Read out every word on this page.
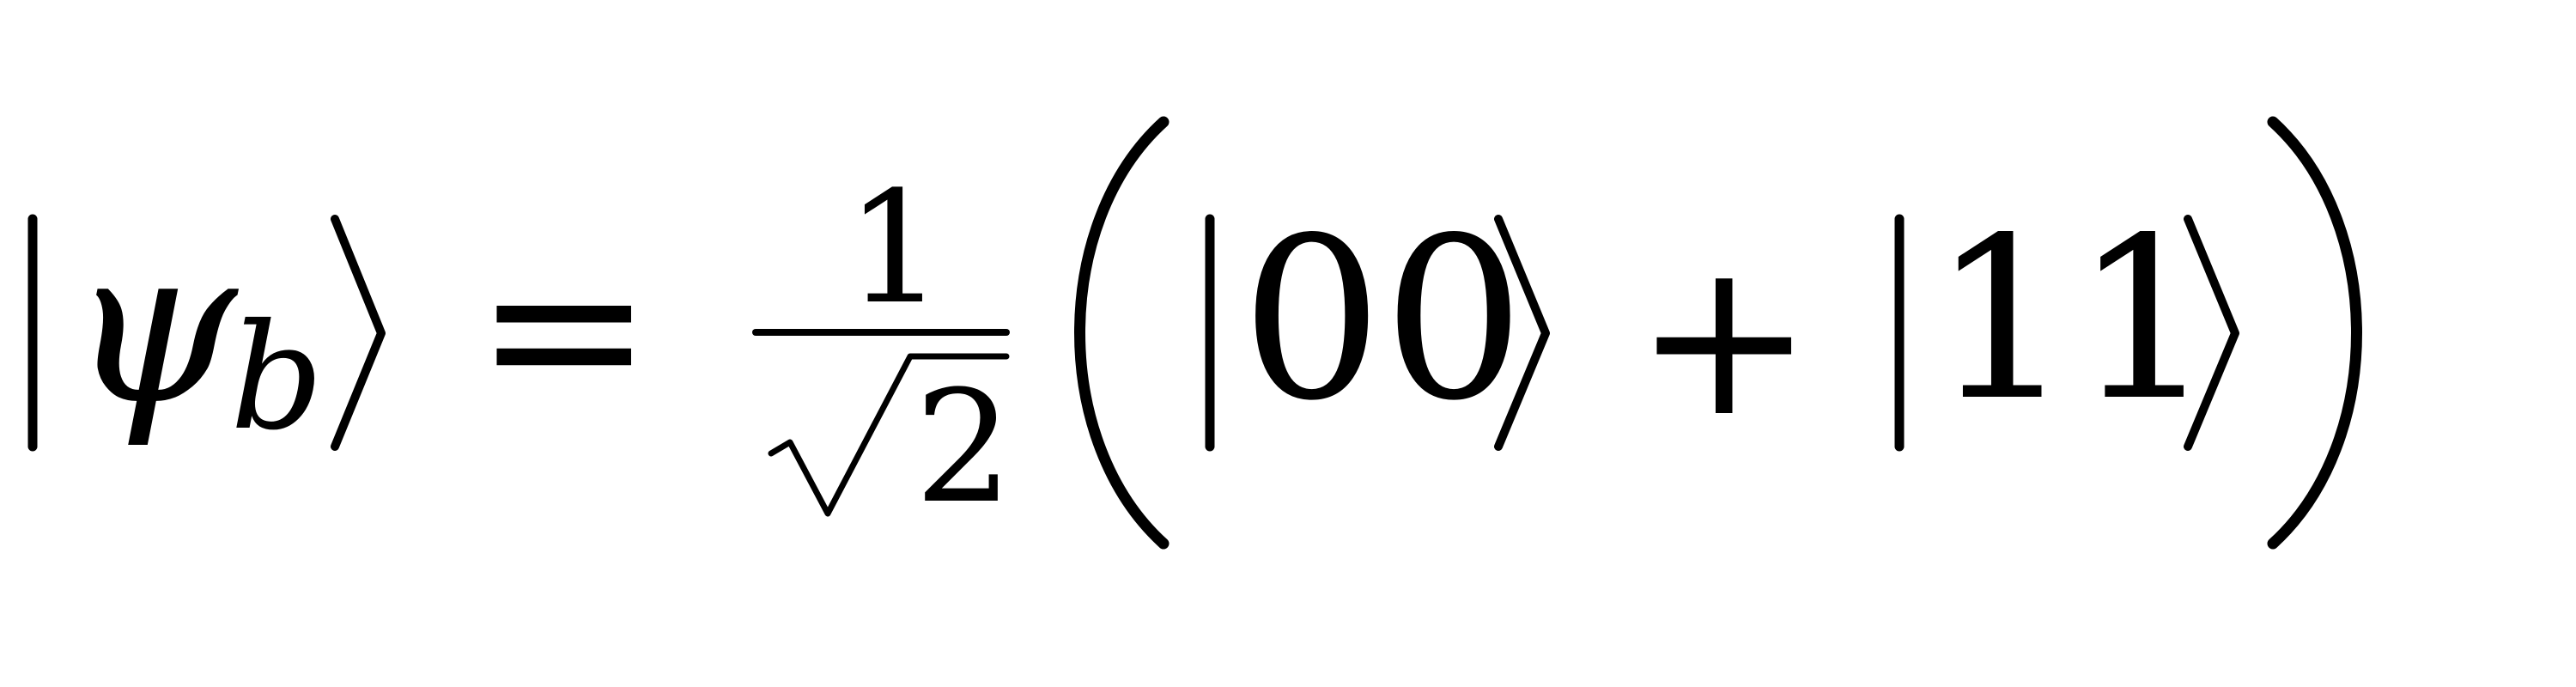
ψ
b = 1
2 00 + 11
